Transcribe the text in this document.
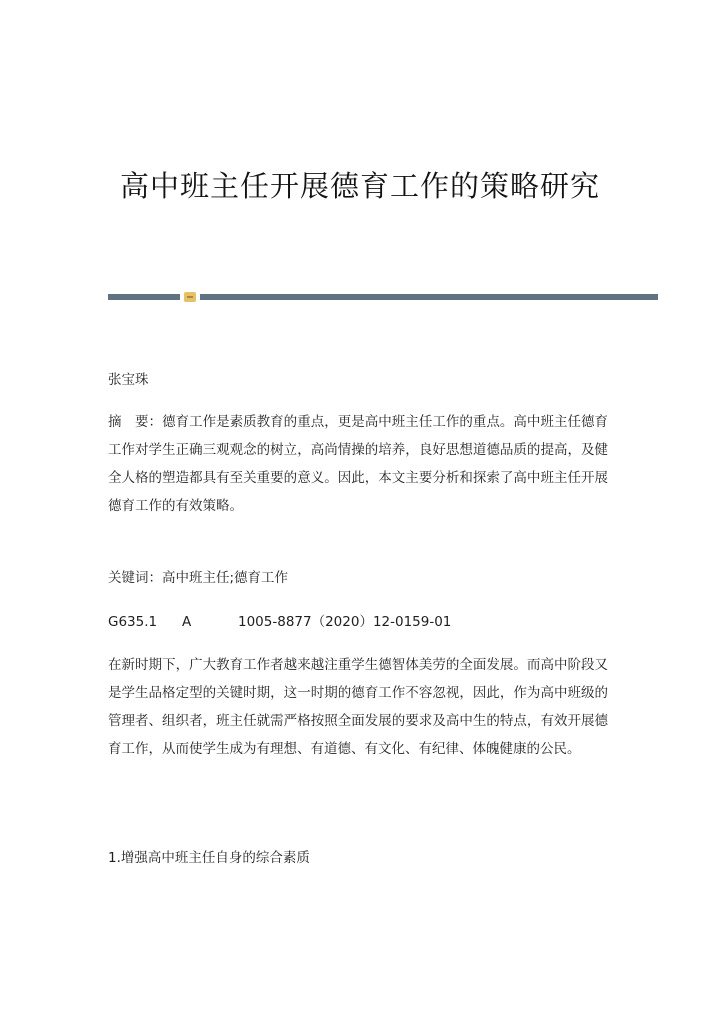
高中班主任开展德育工作的策略研究
张宝珠
摘　要：德育工作是素质教育的重点，更是高中班主任工作的重点。高中班主任德育工作对学生正确三观观念的树立，高尚情操的培养，良好思想道德品质的提高，及健全人格的塑造都具有至关重要的意义。因此，本文主要分析和探索了高中班主任开展德育工作的有效策略。
关键词：高中班主任;德育工作
G635.1 A	1005-8877（2020）12-0159-01
在新时期下，广大教育工作者越来越注重学生德智体美劳的全面发展。而高中阶段又是学生品格定型的关键时期，这一时期的德育工作不容忽视，因此，作为高中班级的管理者、组织者，班主任就需严格按照全面发展的要求及高中生的特点，有效开展德育工作，从而使学生成为有理想、有道德、有文化、有纪律、体魄健康的公民。
1.增强高中班主任自身的综合素质
